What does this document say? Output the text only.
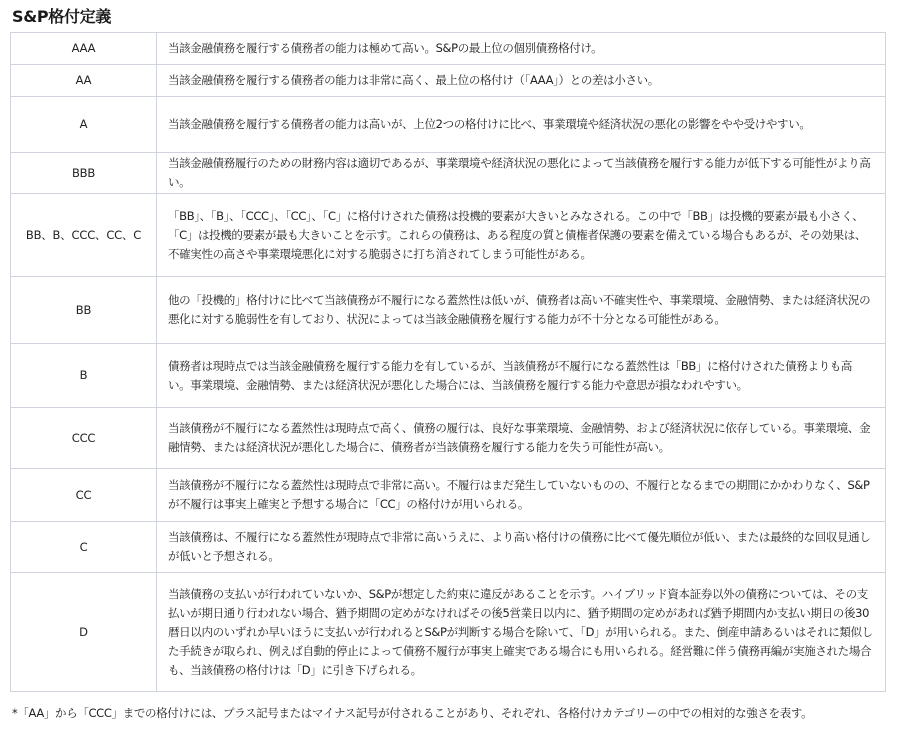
S&P格付定義
AAA	当該金融債務を履行する債務者の能力は極めて高い。S&Pの最上位の個別債務格付け。
AA	当該金融債務を履行する債務者の能力は非常に高く、最上位の格付け（「AAA」）との差は小さい。
A	当該金融債務を履行する債務者の能力は高いが、上位2つの格付けに比べ、事業環境や経済状況の悪化の影響をやや受けやすい。
BBB	当該金融債務履行のための財務内容は適切であるが、事業環境や経済状況の悪化によって当該債務を履行する能力が低下する可能性がより高い。
BB、B、CCC、CC、C	「BB」、「B」、「CCC」、「CC」、「C」に格付けされた債務は投機的要素が大きいとみなされる。この中で「BB」は投機的要素が最も小さく、「C」は投機的要素が最も大きいことを示す。これらの債務は、ある程度の質と債権者保護の要素を備えている場合もあるが、その効果は、不確実性の高さや事業環境悪化に対する脆弱さに打ち消されてしまう可能性がある。
BB	他の「投機的」格付けに比べて当該債務が不履行になる蓋然性は低いが、債務者は高い不確実性や、事業環境、金融情勢、または経済状況の悪化に対する脆弱性を有しており、状況によっては当該金融債務を履行する能力が不十分となる可能性がある。
B	債務者は現時点では当該金融債務を履行する能力を有しているが、当該債務が不履行になる蓋然性は「BB」に格付けされた債務よりも高い。事業環境、金融情勢、または経済状況が悪化した場合には、当該債務を履行する能力や意思が損なわれやすい。
CCC	当該債務が不履行になる蓋然性は現時点で高く、債務の履行は、良好な事業環境、金融情勢、および経済状況に依存している。事業環境、金融情勢、または経済状況が悪化した場合に、債務者が当該債務を履行する能力を失う可能性が高い。
CC	当該債務が不履行になる蓋然性は現時点で非常に高い。不履行はまだ発生していないものの、不履行となるまでの期間にかかわりなく、S&Pが不履行は事実上確実と予想する場合に「CC」の格付けが用いられる。
C	当該債務は、不履行になる蓋然性が現時点で非常に高いうえに、より高い格付けの債務に比べて優先順位が低い、または最終的な回収見通しが低いと予想される。
D	当該債務の支払いが行われていないか、S&Pが想定した約束に違反があることを示す。ハイブリッド資本証券以外の債務については、その支払いが期日通り行われない場合、猶予期間の定めがなければその後5営業日以内に、猶予期間の定めがあれば猶予期間内か支払い期日の後30暦日以内のいずれか早いほうに支払いが行われるとS&Pが判断する場合を除いて、「D」が用いられる。また、倒産申請あるいはそれに類似した手続きが取られ、例えば自動的停止によって債務不履行が事実上確実である場合にも用いられる。経営難に伴う債務再編が実施された場合も、当該債務の格付けは「D」に引き下げられる。

*「AA」から「CCC」までの格付けには、プラス記号またはマイナス記号が付されることがあり、それぞれ、各格付けカテゴリーの中での相対的な強さを表す。
